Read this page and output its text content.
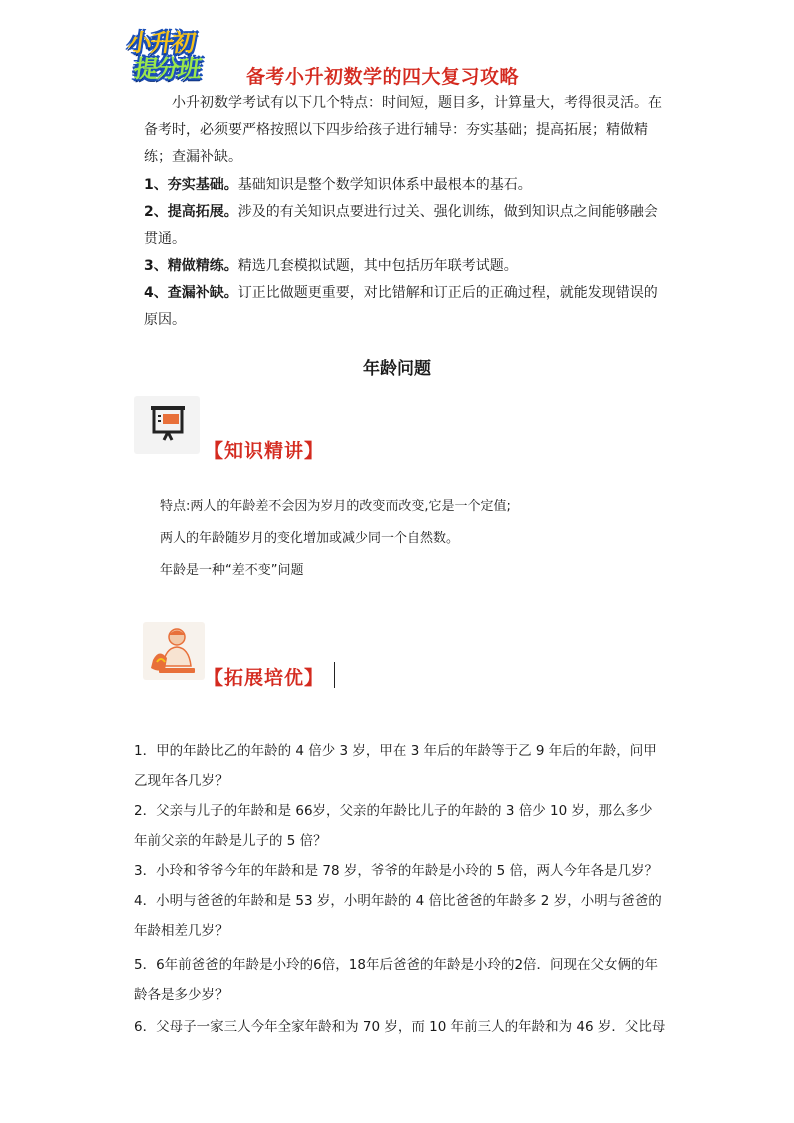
小升初
提分班 备考小升初数学的四大复习攻略
小升初数学考试有以下几个特点：时间短，题目多，计算量大，考得很灵活。在备考时，必须要严格按照以下四步给孩子进行辅导：夯实基础；提高拓展；精做精练；查漏补缺。
1、夯实基础。基础知识是整个数学知识体系中最根本的基石。
2、提高拓展。涉及的有关知识点要进行过关、强化训练，做到知识点之间能够融会贯通。
3、精做精练。精选几套模拟试题，其中包括历年联考试题。
4、查漏补缺。订正比做题更重要，对比错解和订正后的正确过程，就能发现错误的原因。
年龄问题
【知识精讲】
特点:两人的年龄差不会因为岁月的改变而改变,它是一个定值;
两人的年龄随岁月的变化增加或减少同一个自然数。
年龄是一种“差不变”问题
【拓展培优】
1．甲的年龄比乙的年龄的 4 倍少 3 岁，甲在 3 年后的年龄等于乙 9 年后的年龄，问甲乙现年各几岁？
2．父亲与儿子的年龄和是 66岁，父亲的年龄比儿子的年龄的 3 倍少 10 岁，那么多少年前父亲的年龄是儿子的 5 倍？
3．小玲和爷爷今年的年龄和是 78 岁，爷爷的年龄是小玲的 5 倍，两人今年各是几岁？
4．小明与爸爸的年龄和是 53 岁，小明年龄的 4 倍比爸爸的年龄多 2 岁，小明与爸爸的年龄相差几岁？
5．6年前爸爸的年龄是小玲的6倍，18年后爸爸的年龄是小玲的2倍．问现在父女俩的年龄各是多少岁？
6．父母子一家三人今年全家年龄和为 70 岁，而 10 年前三人的年龄和为 46 岁．父比母
